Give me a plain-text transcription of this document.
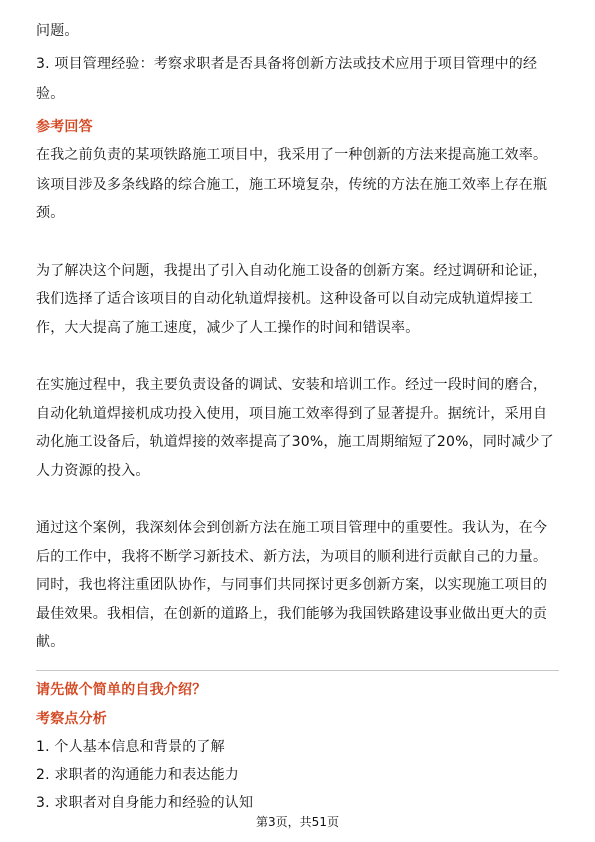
问题。
3. 项目管理经验：考察求职者是否具备将创新方法或技术应用于项目管理中的经
验。
参考回答
在我之前负责的某项铁路施工项目中，我采用了一种创新的方法来提高施工效率。
该项目涉及多条线路的综合施工，施工环境复杂，传统的方法在施工效率上存在瓶
颈。
为了解决这个问题，我提出了引入自动化施工设备的创新方案。经过调研和论证，
我们选择了适合该项目的自动化轨道焊接机。这种设备可以自动完成轨道焊接工
作，大大提高了施工速度，减少了人工操作的时间和错误率。
在实施过程中，我主要负责设备的调试、安装和培训工作。经过一段时间的磨合，
自动化轨道焊接机成功投入使用，项目施工效率得到了显著提升。据统计，采用自
动化施工设备后，轨道焊接的效率提高了30%，施工周期缩短了20%，同时减少了
人力资源的投入。
通过这个案例，我深刻体会到创新方法在施工项目管理中的重要性。我认为，在今
后的工作中，我将不断学习新技术、新方法，为项目的顺利进行贡献自己的力量。
同时，我也将注重团队协作，与同事们共同探讨更多创新方案，以实现施工项目的
最佳效果。我相信，在创新的道路上，我们能够为我国铁路建设事业做出更大的贡
献。
请先做个简单的自我介绍？
考察点分析
1. 个人基本信息和背景的了解
2. 求职者的沟通能力和表达能力
3. 求职者对自身能力和经验的认知
第3页，共51页
